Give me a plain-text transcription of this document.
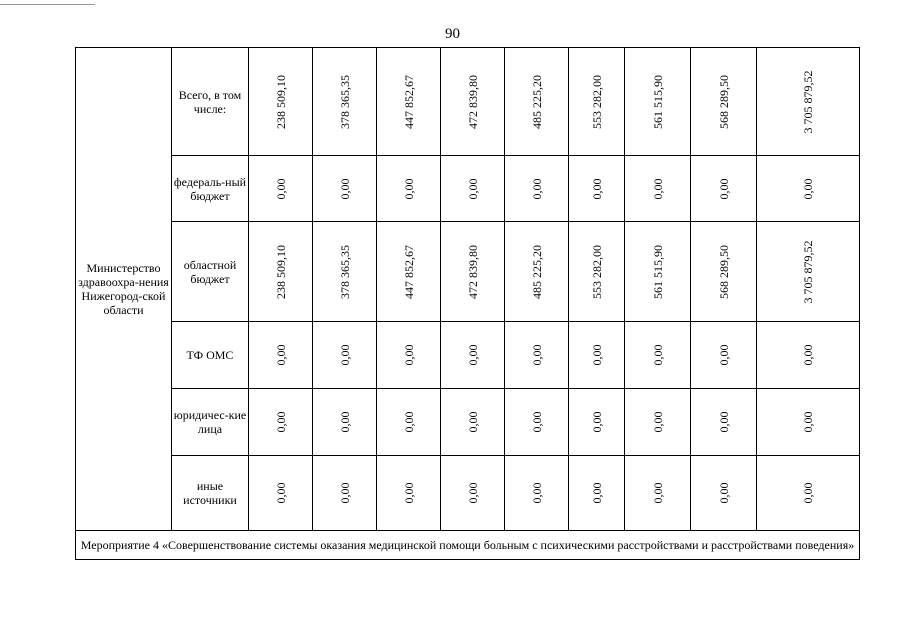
90
Министерство здравоохра-нения Нижегород-ской области	Всего, в том числе:	238 509,10	378 365,35	447 852,67	472 839,80	485 225,20	553 282,00	561 515,90	568 289,50	3 705 879,52

	федераль-ный бюджет	0,00	0,00	0,00	0,00	0,00	0,00	0,00	0,00	0,00

	областной бюджет	238 509,10	378 365,35	447 852,67	472 839,80	485 225,20	553 282,00	561 515,90	568 289,50	3 705 879,52

	ТФ ОМС	0,00	0,00	0,00	0,00	0,00	0,00	0,00	0,00	0,00

	юридичес-кие лица	0,00	0,00	0,00	0,00	0,00	0,00	0,00	0,00	0,00

	иные источники	0,00	0,00	0,00	0,00	0,00	0,00	0,00	0,00	0,00

Мероприятие 4 «Совершенствование системы оказания медицинской помощи больным с психическими расстройствами и расстройствами поведения»										
